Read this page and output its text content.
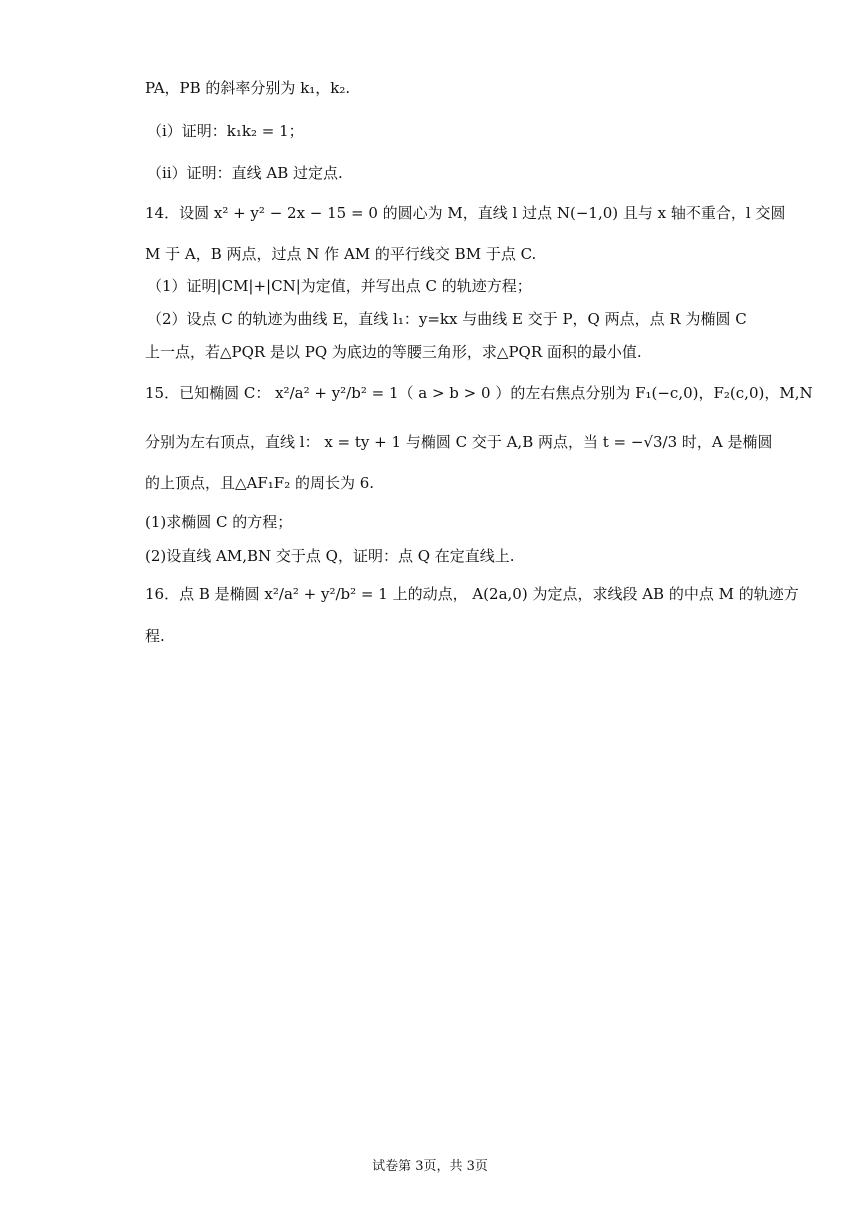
PA，PB 的斜率分别为 k₁，k₂.
（i）证明：k₁k₂ = 1；
（ii）证明：直线 AB 过定点.
14．设圆 x² + y² − 2x − 15 = 0 的圆心为 M，直线 l 过点 N(−1,0) 且与 x 轴不重合，l 交圆
M 于 A，B 两点，过点 N 作 AM 的平行线交 BM 于点 C.
（1）证明|CM|+|CN|为定值，并写出点 C 的轨迹方程；
（2）设点 C 的轨迹为曲线 E，直线 l₁：y=kx 与曲线 E 交于 P，Q 两点，点 R 为椭圆 C
上一点，若△PQR 是以 PQ 为底边的等腰三角形，求△PQR 面积的最小值.
15．已知椭圆 C： x²/a² + y²/b² = 1（ a > b > 0 ）的左右焦点分别为 F₁(−c,0)，F₂(c,0)，M,N
分别为左右顶点，直线 l： x = ty + 1 与椭圆 C 交于 A,B 两点，当 t = −√3/3 时，A 是椭圆
的上顶点，且△AF₁F₂ 的周长为 6.
(1)求椭圆 C 的方程；
(2)设直线 AM,BN 交于点 Q，证明：点 Q 在定直线上.
16．点 B 是椭圆 x²/a² + y²/b² = 1 上的动点， A(2a,0) 为定点，求线段 AB 的中点 M 的轨迹方
程.
试卷第 3页，共 3页
